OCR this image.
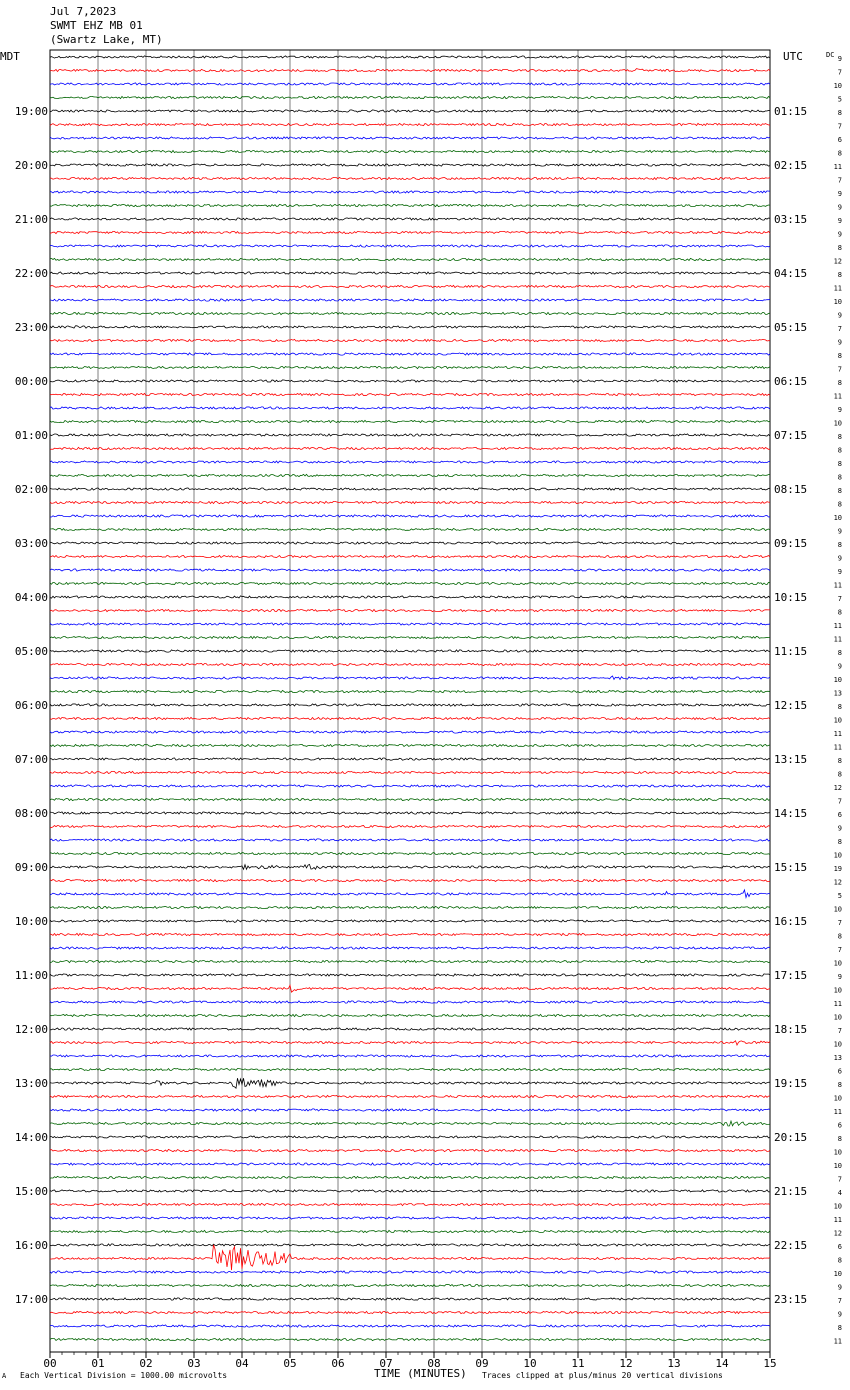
Jul 7,2023
SWMT EHZ MB 01
(Swartz Lake, MT)
00	01	02	03	04	05	06	07	08	09	10	11	12	13	14	15
MDT	UTC	DC
19:00
20:00
21:00
22:00
23:00
00:00
01:00
02:00
03:00
04:00
05:00
06:00
07:00
08:00
09:00
10:00
11:00
12:00
13:00
14:00
15:00
16:00
17:00
01:15
02:15
03:15
04:15
05:15
06:15
07:15
08:15
09:15
10:15
11:15
12:15
13:15
14:15
15:15
16:15
17:15
18:15
19:15
20:15
21:15
22:15
23:15
9
7
10
5
8
7
6
8
11
7
9
9
9
9
8
12
8
11
10
9
7
9
8
7
8
11
9
10
8
8
8
8
8
8
10
9
8
9
9
11
7
8
11
11
8
9
10
13
8
10
11
11
8
8
12
7
6
9
8
10
19
12
5
10
7
8
7
10
9
10
11
10
7
10
13
6
8
10
11
6
8
10
10
7
4
10
11
12
6
8
10
9
7
9
8
11
A Each Vertical Division = 1000.00 microvolts	TIME (MINUTES) Traces clipped at plus/minus 20 vertical divisions
